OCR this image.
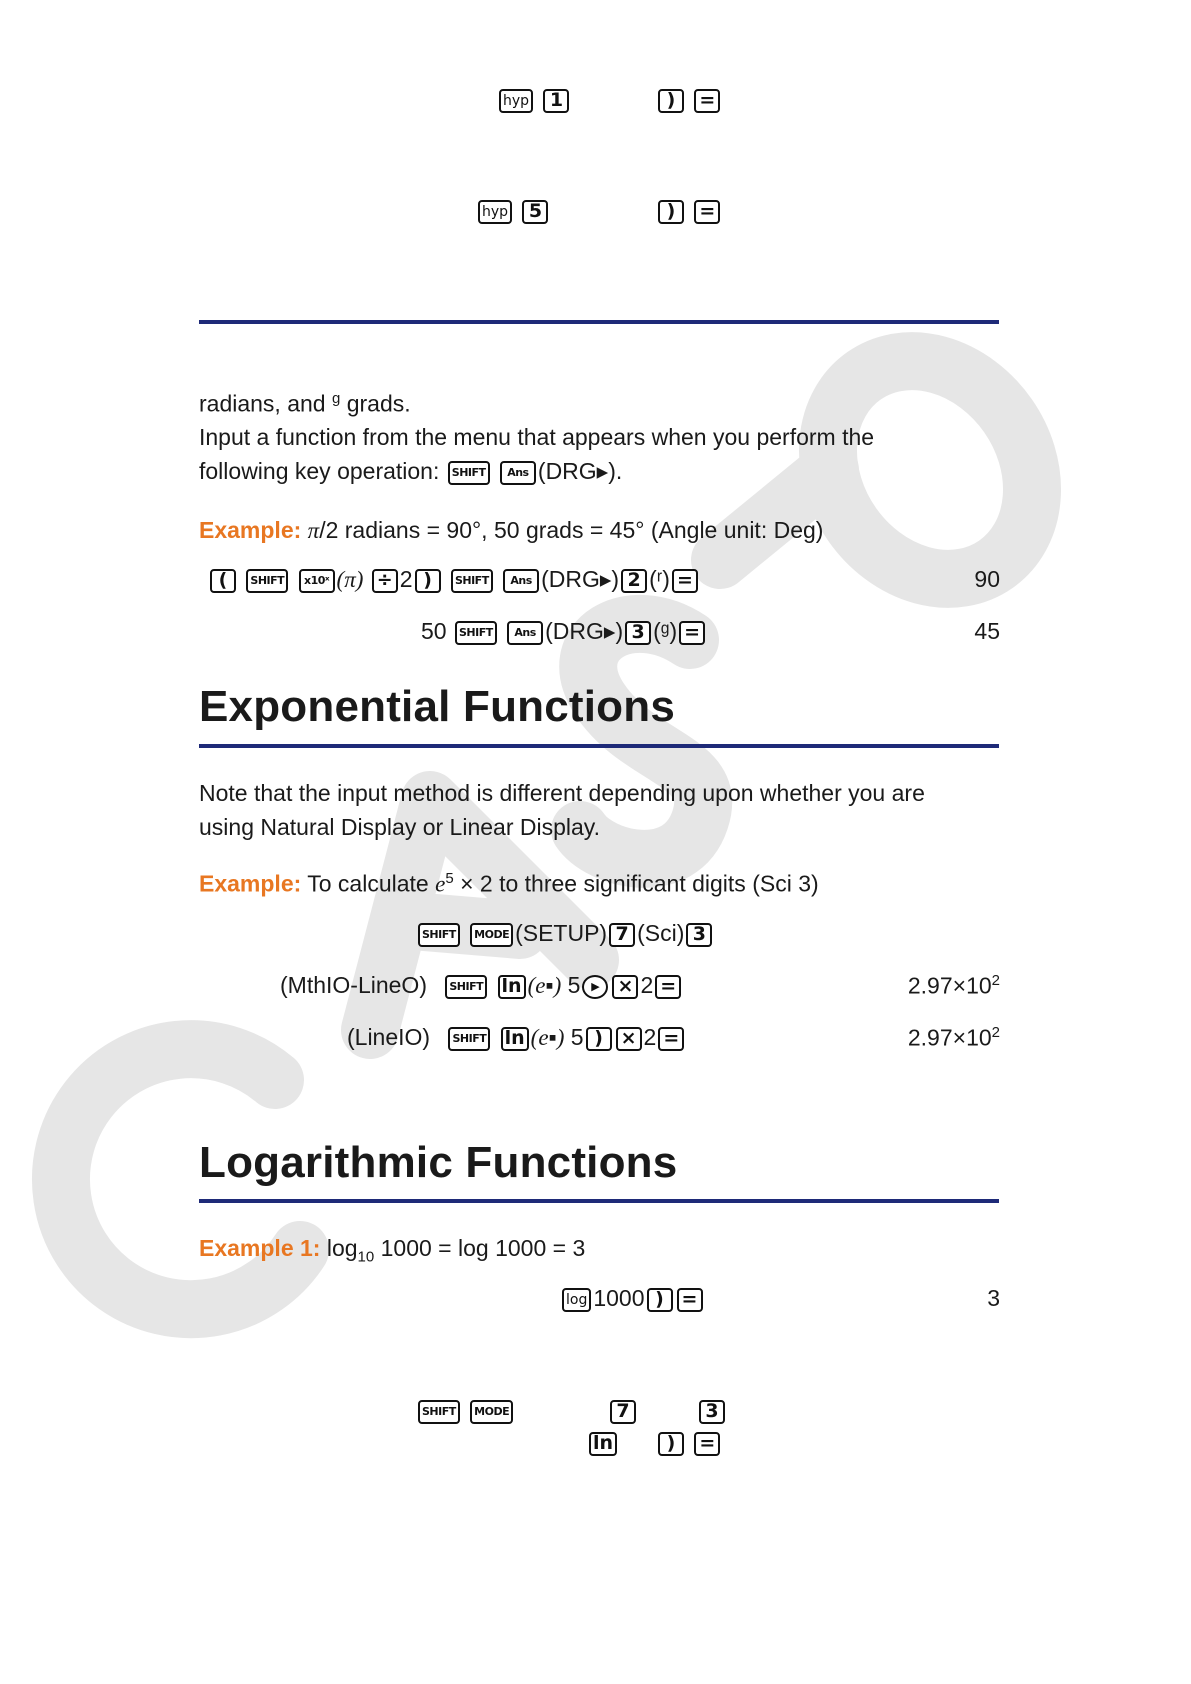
hyp 1	) =
hyp 5	) =
radians, and $^g$ grads.
Input a function from the menu that appears when you perform the
following key operation: SHIFT Ans (DRG▸).
Example: π/2 radians = 90°, 50 grads = 45° (Angle unit: Deg)
( SHIFT x10ˣ (π) ÷ 2 ) SHIFT Ans (DRG▸) 2 (ʳ) =	90
50 SHIFT Ans (DRG▸) 3 (ᵍ) =	45
Exponential Functions
Note that the input method is different depending upon whether you are
using Natural Display or Linear Display.
Example: To calculate $e^5 \times 2$ to three significant digits (Sci 3)
SHIFT MODE (SETUP) 7 (Sci) 3
(MthIO-LineO) SHIFT ln (e▪) 5 ▶ × 2 =	$2.97\times 10^2$
(LineIO) SHIFT ln (e▪) 5 ) × 2 =	$2.97\times 10^2$
Logarithmic Functions
Example 1: $\log_{10} 1000 = \log 1000 = 3$
log 1000 ) =	3
SHIFT MODE	7	3
ln	) =
